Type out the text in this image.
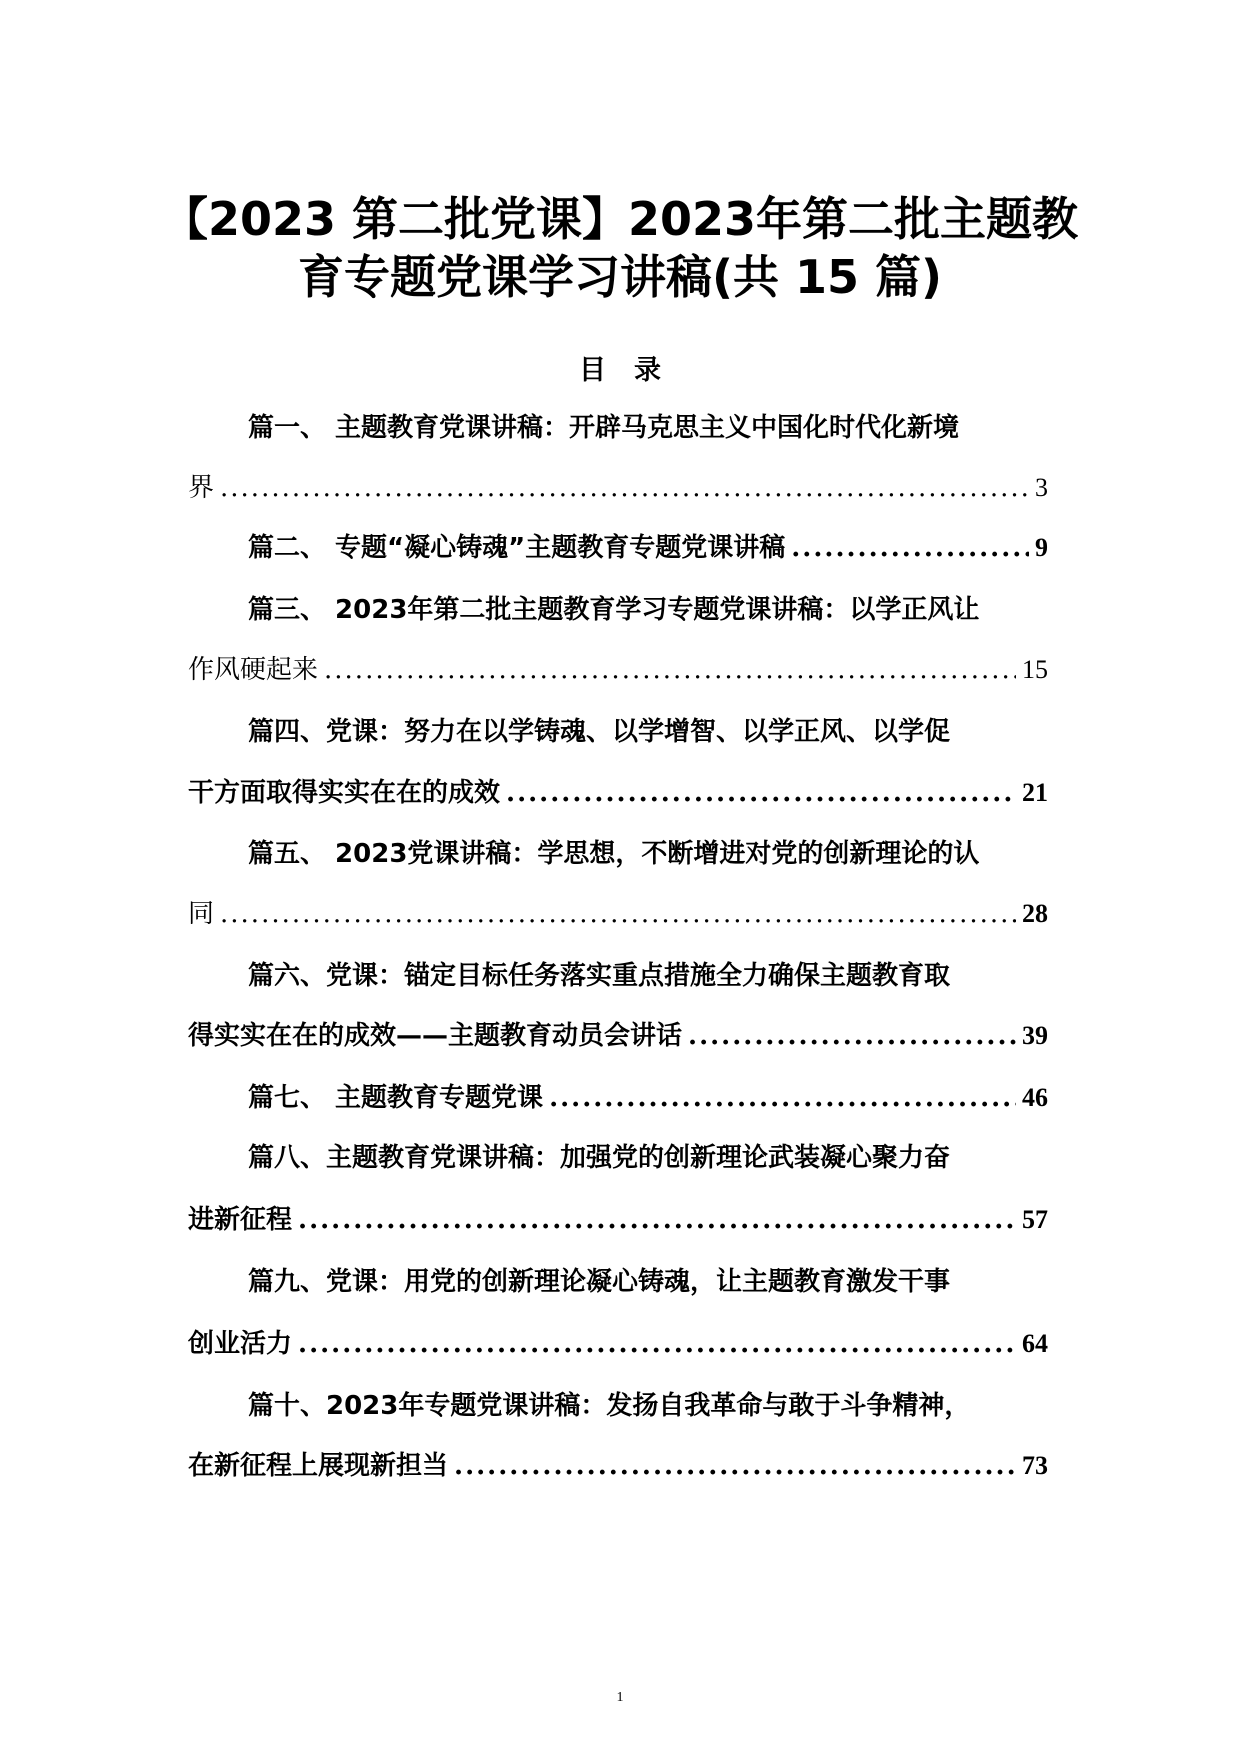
【2023 第二批党课】2023年第二批主题教
育专题党课学习讲稿(共 15 篇)
目录
篇一、 主题教育党课讲稿：开辟马克思主义中国化时代化新境
界 .....	3
篇二、 专题“凝心铸魂”主题教育专题党课讲稿 .....	9
篇三、 2023年第二批主题教育学习专题党课讲稿：以学正风让
作风硬起来 .....	15
篇四、党课：努力在以学铸魂、以学增智、以学正风、以学促
干方面取得实实在在的成效 .....	21
篇五、 2023党课讲稿：学思想，不断增进对党的创新理论的认
同 .....	28
篇六、党课：锚定目标任务落实重点措施全力确保主题教育取
得实实在在的成效——主题教育动员会讲话 .....	39
篇七、 主题教育专题党课 .....	46
篇八、主题教育党课讲稿：加强党的创新理论武装凝心聚力奋
进新征程 .....	57
篇九、党课：用党的创新理论凝心铸魂，让主题教育激发干事
创业活力 .....	64
篇十、2023年专题党课讲稿：发扬自我革命与敢于斗争精神，
在新征程上展现新担当 .....	73
1
